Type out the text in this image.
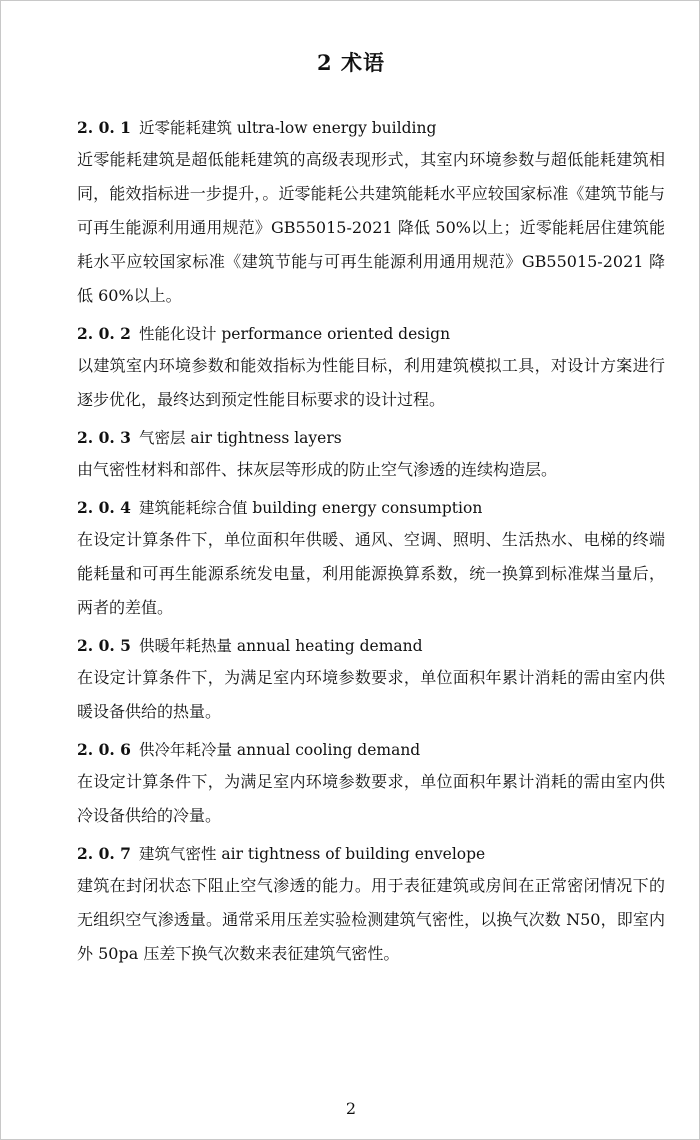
2 术语
2. 0. 1 近零能耗建筑 ultra-low energy building
近零能耗建筑是超低能耗建筑的高级表现形式，其室内环境参数与超低能耗建筑相同，能效指标进一步提升，。近零能耗公共建筑能耗水平应较国家标准《建筑节能与可再生能源利用通用规范》GB55015-2021 降低 50%以上；近零能耗居住建筑能耗水平应较国家标准《建筑节能与可再生能源利用通用规范》GB55015-2021 降低 60%以上。
2. 0. 2 性能化设计 performance oriented design
以建筑室内环境参数和能效指标为性能目标，利用建筑模拟工具，对设计方案进行逐步优化，最终达到预定性能目标要求的设计过程。
2. 0. 3 气密层 air tightness layers
由气密性材料和部件、抹灰层等形成的防止空气渗透的连续构造层。
2. 0. 4 建筑能耗综合值 building energy consumption
在设定计算条件下，单位面积年供暖、通风、空调、照明、生活热水、电梯的终端能耗量和可再生能源系统发电量，利用能源换算系数，统一换算到标准煤当量后，两者的差值。
2. 0. 5 供暖年耗热量 annual heating demand
在设定计算条件下，为满足室内环境参数要求，单位面积年累计消耗的需由室内供暖设备供给的热量。
2. 0. 6 供冷年耗冷量 annual cooling demand
在设定计算条件下，为满足室内环境参数要求，单位面积年累计消耗的需由室内供冷设备供给的冷量。
2. 0. 7 建筑气密性 air tightness of building envelope
建筑在封闭状态下阻止空气渗透的能力。用于表征建筑或房间在正常密闭情况下的无组织空气渗透量。通常采用压差实验检测建筑气密性，以换气次数 N50，即室内外 50pa 压差下换气次数来表征建筑气密性。
2
